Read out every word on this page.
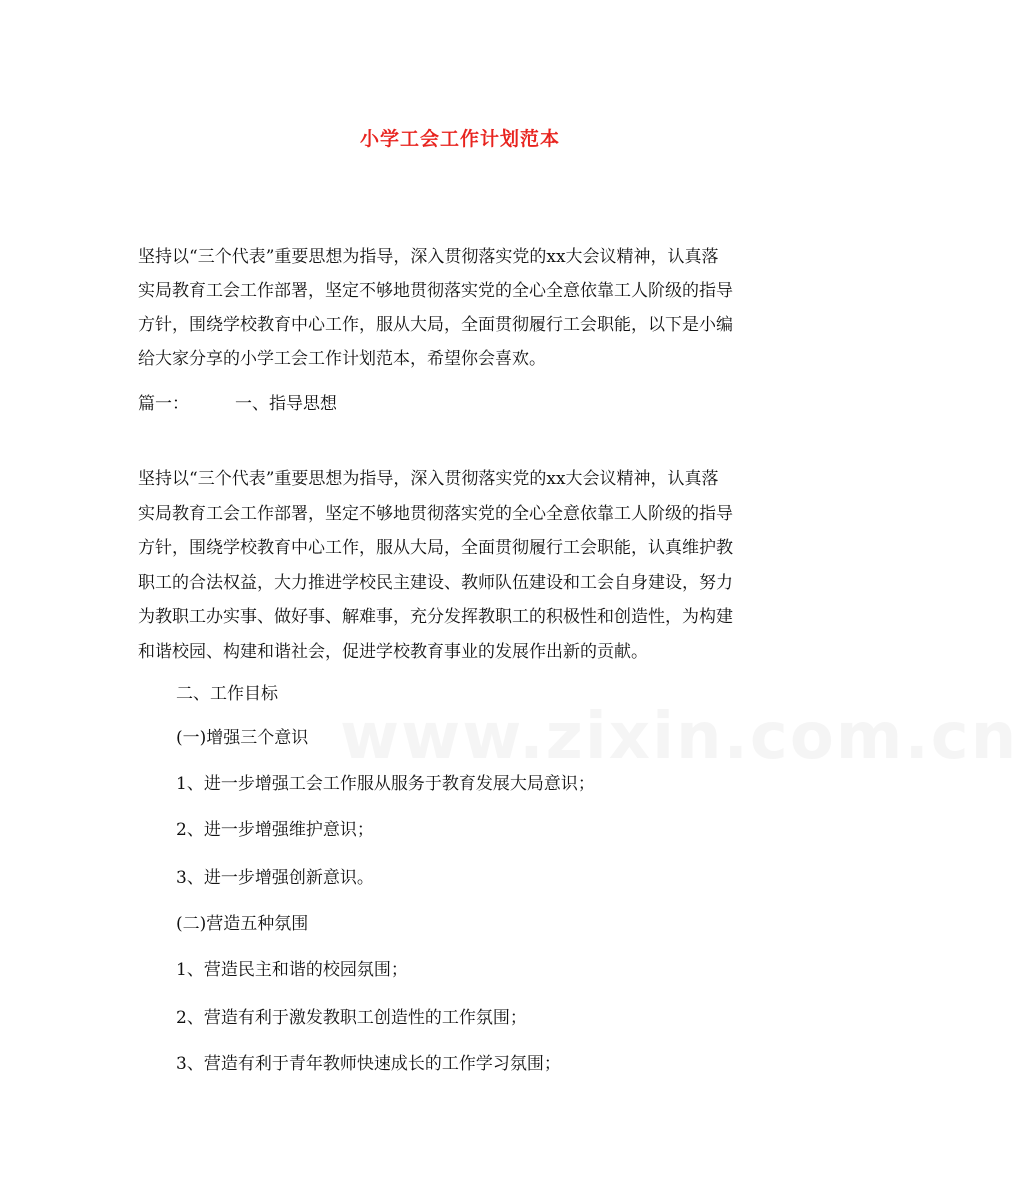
www.zixin.com.cn
小学工会工作计划范本

坚持以“三个代表”重要思想为指导，深入贯彻落实党的xx大会议精神，认真落
实局教育工会工作部署，坚定不够地贯彻落实党的全心全意依靠工人阶级的指导
方针，围绕学校教育中心工作，服从大局，全面贯彻履行工会职能，以下是小编
给大家分享的小学工会工作计划范本，希望你会喜欢。

篇一：	一、指导思想

坚持以“三个代表”重要思想为指导，深入贯彻落实党的xx大会议精神，认真落
实局教育工会工作部署，坚定不够地贯彻落实党的全心全意依靠工人阶级的指导
方针，围绕学校教育中心工作，服从大局，全面贯彻履行工会职能，认真维护教
职工的合法权益，大力推进学校民主建设、教师队伍建设和工会自身建设，努力
为教职工办实事、做好事、解难事，充分发挥教职工的积极性和创造性，为构建
和谐校园、构建和谐社会，促进学校教育事业的发展作出新的贡献。

二、工作目标
(一)增强三个意识
1、进一步增强工会工作服从服务于教育发展大局意识；
2、进一步增强维护意识；
3、进一步增强创新意识。
(二)营造五种氛围
1、营造民主和谐的校园氛围；
2、营造有利于激发教职工创造性的工作氛围；
3、营造有利于青年教师快速成长的工作学习氛围；
